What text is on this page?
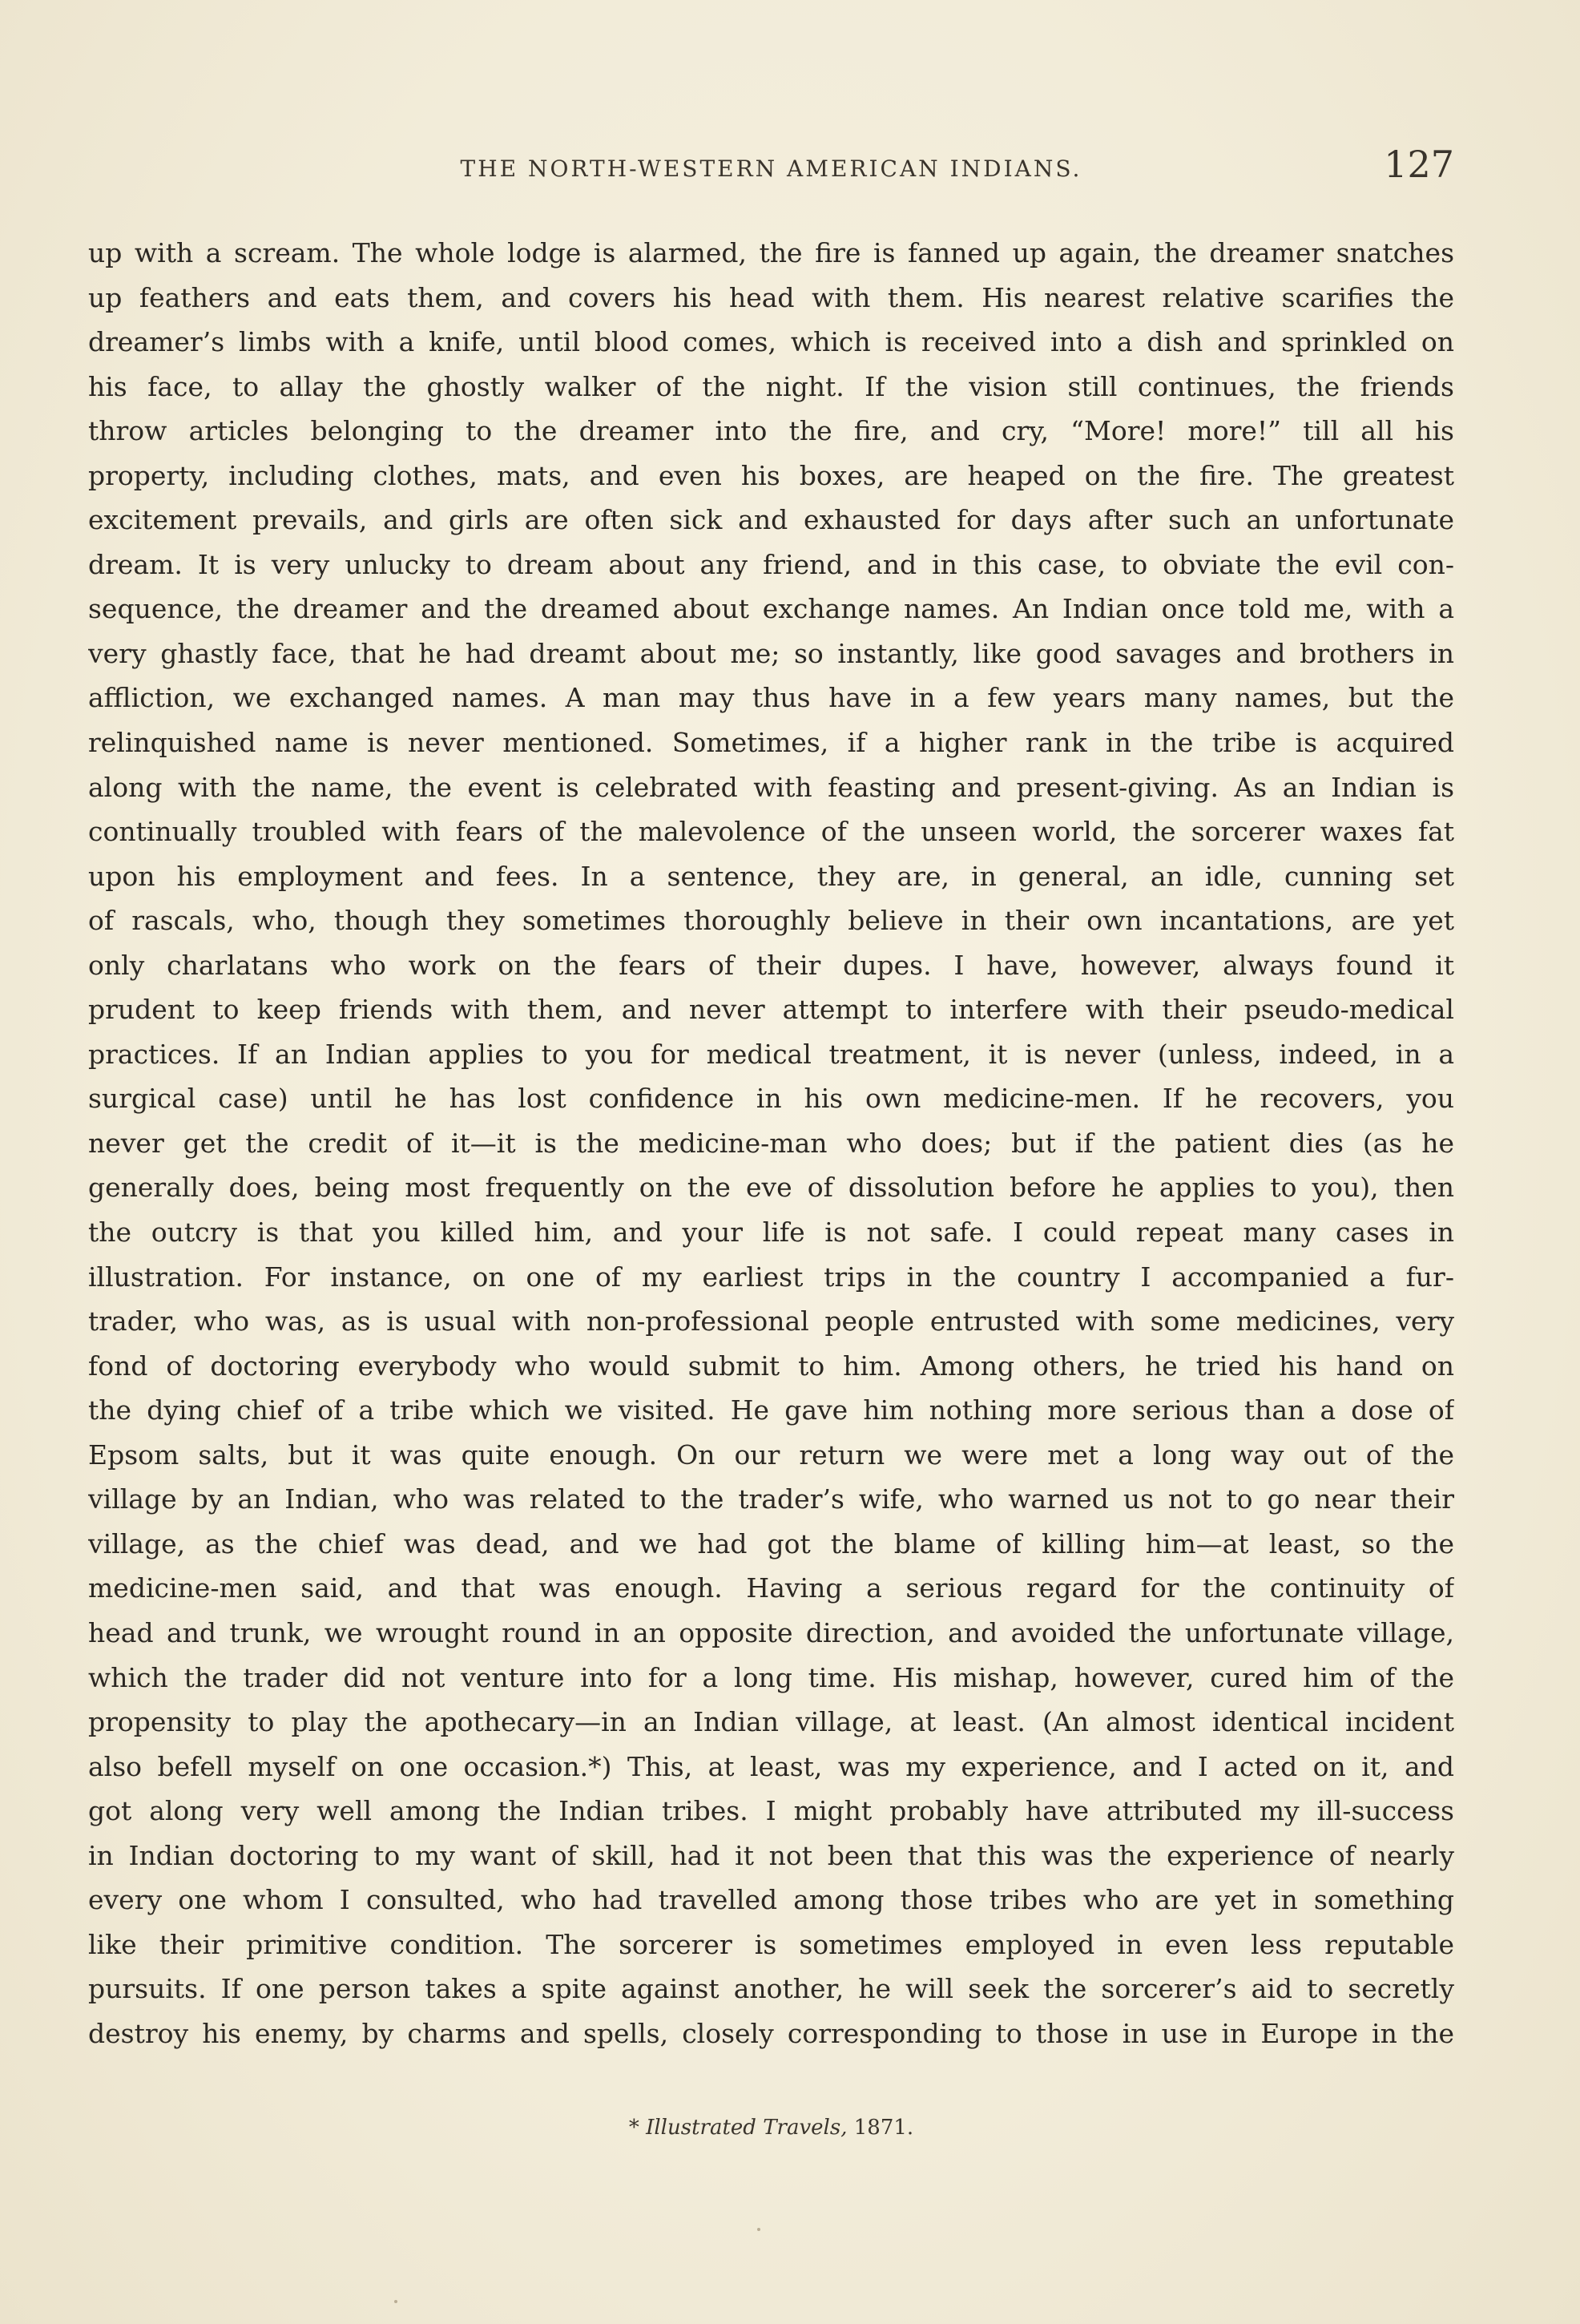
THE NORTH-WESTERN AMERICAN INDIANS.	127
up with a scream. The whole lodge is alarmed, the fire is fanned up again, the dreamer snatches
up feathers and eats them, and covers his head with them. His nearest relative scarifies the
dreamer’s limbs with a knife, until blood comes, which is received into a dish and sprinkled on
his face, to allay the ghostly walker of the night. If the vision still continues, the friends
throw articles belonging to the dreamer into the fire, and cry, “More! more!” till all his
property, including clothes, mats, and even his boxes, are heaped on the fire. The greatest
excitement prevails, and girls are often sick and exhausted for days after such an unfortunate
dream. It is very unlucky to dream about any friend, and in this case, to obviate the evil con-
sequence, the dreamer and the dreamed about exchange names. An Indian once told me, with a
very ghastly face, that he had dreamt about me; so instantly, like good savages and brothers in
affliction, we exchanged names. A man may thus have in a few years many names, but the
relinquished name is never mentioned. Sometimes, if a higher rank in the tribe is acquired
along with the name, the event is celebrated with feasting and present-giving. As an Indian is
continually troubled with fears of the malevolence of the unseen world, the sorcerer waxes fat
upon his employment and fees. In a sentence, they are, in general, an idle, cunning set
of rascals, who, though they sometimes thoroughly believe in their own incantations, are yet
only charlatans who work on the fears of their dupes. I have, however, always found it
prudent to keep friends with them, and never attempt to interfere with their pseudo-medical
practices. If an Indian applies to you for medical treatment, it is never (unless, indeed, in a
surgical case) until he has lost confidence in his own medicine-men. If he recovers, you
never get the credit of it—it is the medicine-man who does; but if the patient dies (as he
generally does, being most frequently on the eve of dissolution before he applies to you), then
the outcry is that you killed him, and your life is not safe. I could repeat many cases in
illustration. For instance, on one of my earliest trips in the country I accompanied a fur-
trader, who was, as is usual with non-professional people entrusted with some medicines, very
fond of doctoring everybody who would submit to him. Among others, he tried his hand on
the dying chief of a tribe which we visited. He gave him nothing more serious than a dose of
Epsom salts, but it was quite enough. On our return we were met a long way out of the
village by an Indian, who was related to the trader’s wife, who warned us not to go near their
village, as the chief was dead, and we had got the blame of killing him—at least, so the
medicine-men said, and that was enough. Having a serious regard for the continuity of
head and trunk, we wrought round in an opposite direction, and avoided the unfortunate village,
which the trader did not venture into for a long time. His mishap, however, cured him of the
propensity to play the apothecary—in an Indian village, at least. (An almost identical incident
also befell myself on one occasion.*) This, at least, was my experience, and I acted on it, and
got along very well among the Indian tribes. I might probably have attributed my ill-success
in Indian doctoring to my want of skill, had it not been that this was the experience of nearly
every one whom I consulted, who had travelled among those tribes who are yet in something
like their primitive condition. The sorcerer is sometimes employed in even less reputable
pursuits. If one person takes a spite against another, he will seek the sorcerer’s aid to secretly
destroy his enemy, by charms and spells, closely corresponding to those in use in Europe in the
* Illustrated Travels, 1871.
